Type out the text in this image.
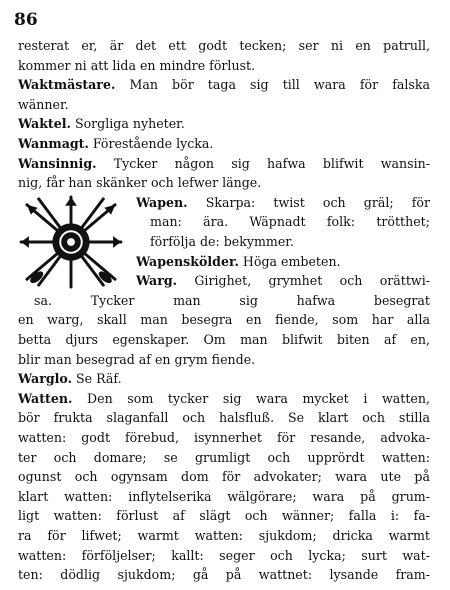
86
resterat er, är det ett godt tecken; ser ni en patrull,
kommer ni att lida en mindre förlust.
Waktmästare. Man bör taga sig till wara för falska
wänner.
Waktel. Sorgliga nyheter.
Wanmagt. Förestående lycka.
Wansinnig. Tycker någon sig hafwa blifwit wansin-
nig, får han skänker och lefwer länge.
Wapen. Skarpa: twist och gräl; för
man: ära. Wäpnadt folk: trötthet;
förfölja de: bekymmer.
Wapenskölder. Höga embeten.
Warg. Girighet, grymhet och orättwi-
sa. Tycker man sig hafwa besegrat
en warg, skall man besegra en fiende, som har alla
betta djurs egenskaper. Om man blifwit biten af en,
blir man besegrad af en grym fiende.
Warglo. Se Räf.
Watten. Den som tycker sig wara mycket i watten,
bör frukta slaganfall och halsfluß. Se klart och stilla
watten: godt förebud, isynnerhet för resande, advoka-
ter och domare; se grumligt och upprördt watten:
ogunst och ogynsam dom för advokater; wara ute på
klart watten: inflytelserika wälgörare; wara på grum-
ligt watten: förlust af slägt och wänner; falla i: fa-
ra för lifwet; warmt watten: sjukdom; dricka warmt
watten: förföljelser; kallt: seger och lycka; surt wat-
ten: dödlig sjukdom; gå på wattnet: lysande fram-
